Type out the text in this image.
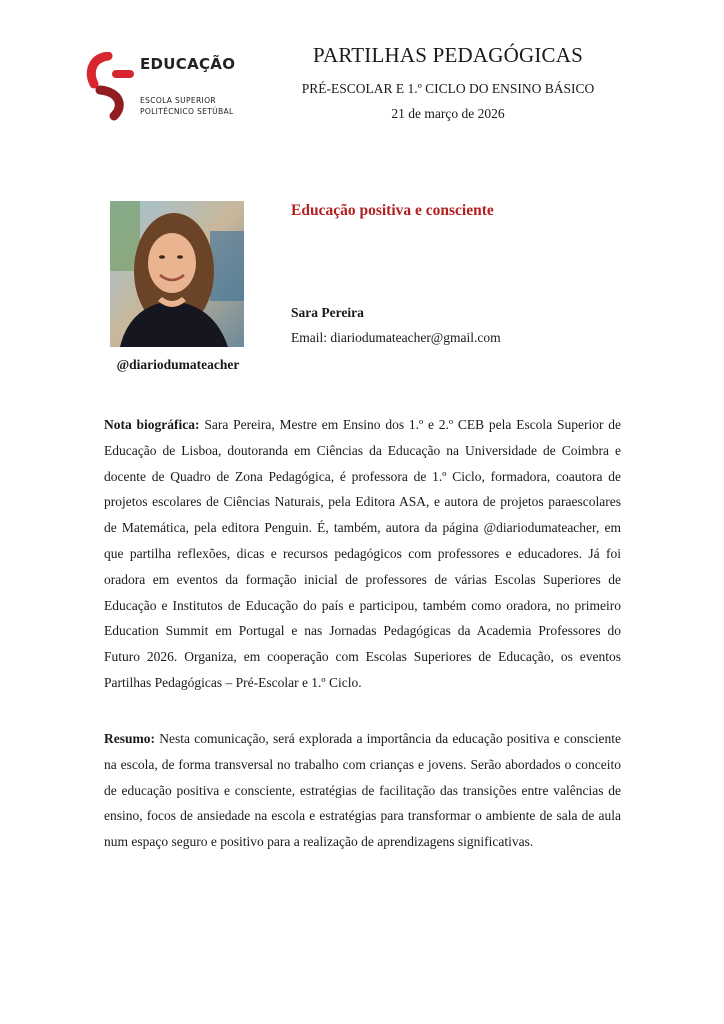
EDUCAÇÃO
ESCOLA SUPERIOR
POLITÉCNICO SETÚBAL
PARTILHAS PEDAGÓGICAS
PRÉ-ESCOLAR E 1.º CICLO DO ENSINO BÁSICO
21 de março de 2026
@diariodumateacher
Educação positiva e consciente
Sara Pereira
Email: diariodumateacher@gmail.com

Nota biográfica: Sara Pereira, Mestre em Ensino dos 1.º e 2.º CEB pela Escola Superior de Educação de Lisboa, doutoranda em Ciências da Educação na Universidade de Coimbra e docente de Quadro de Zona Pedagógica, é professora de 1.º Ciclo, formadora, coautora de projetos escolares de Ciências Naturais, pela Editora ASA, e autora de projetos paraescolares de Matemática, pela editora Penguin. É, também, autora da página @diariodumateacher, em que partilha reflexões, dicas e recursos pedagógicos com professores e educadores. Já foi oradora em eventos da formação inicial de professores de várias Escolas Superiores de Educação e Institutos de Educação do país e participou, também como oradora, no primeiro Education Summit em Portugal e nas Jornadas Pedagógicas da Academia Professores do Futuro 2026. Organiza, em cooperação com Escolas Superiores de Educação, os eventos Partilhas Pedagógicas – Pré-Escolar e 1.º Ciclo.

Resumo: Nesta comunicação, será explorada a importância da educação positiva e consciente na escola, de forma transversal no trabalho com crianças e jovens. Serão abordados o conceito de educação positiva e consciente, estratégias de facilitação das transições entre valências de ensino, focos de ansiedade na escola e estratégias para transformar o ambiente de sala de aula num espaço seguro e positivo para a realização de aprendizagens significativas.
